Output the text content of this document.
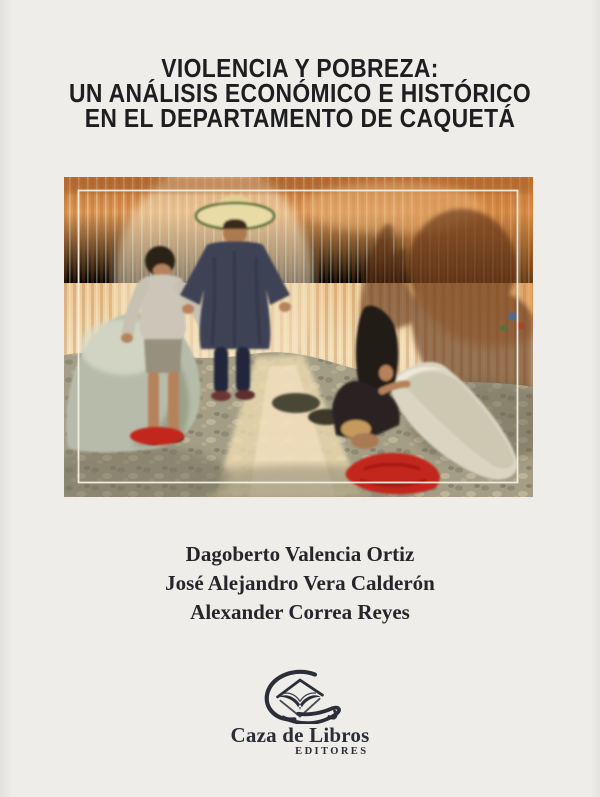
VIOLENCIA Y POBREZA:
UN ANÁLISIS ECONÓMICO E HISTÓRICO
EN EL DEPARTAMENTO DE CAQUETÁ
Dagoberto Valencia Ortiz
José Alejandro Vera Calderón
Alexander Correa Reyes
Caza de Libros
EDITORES
